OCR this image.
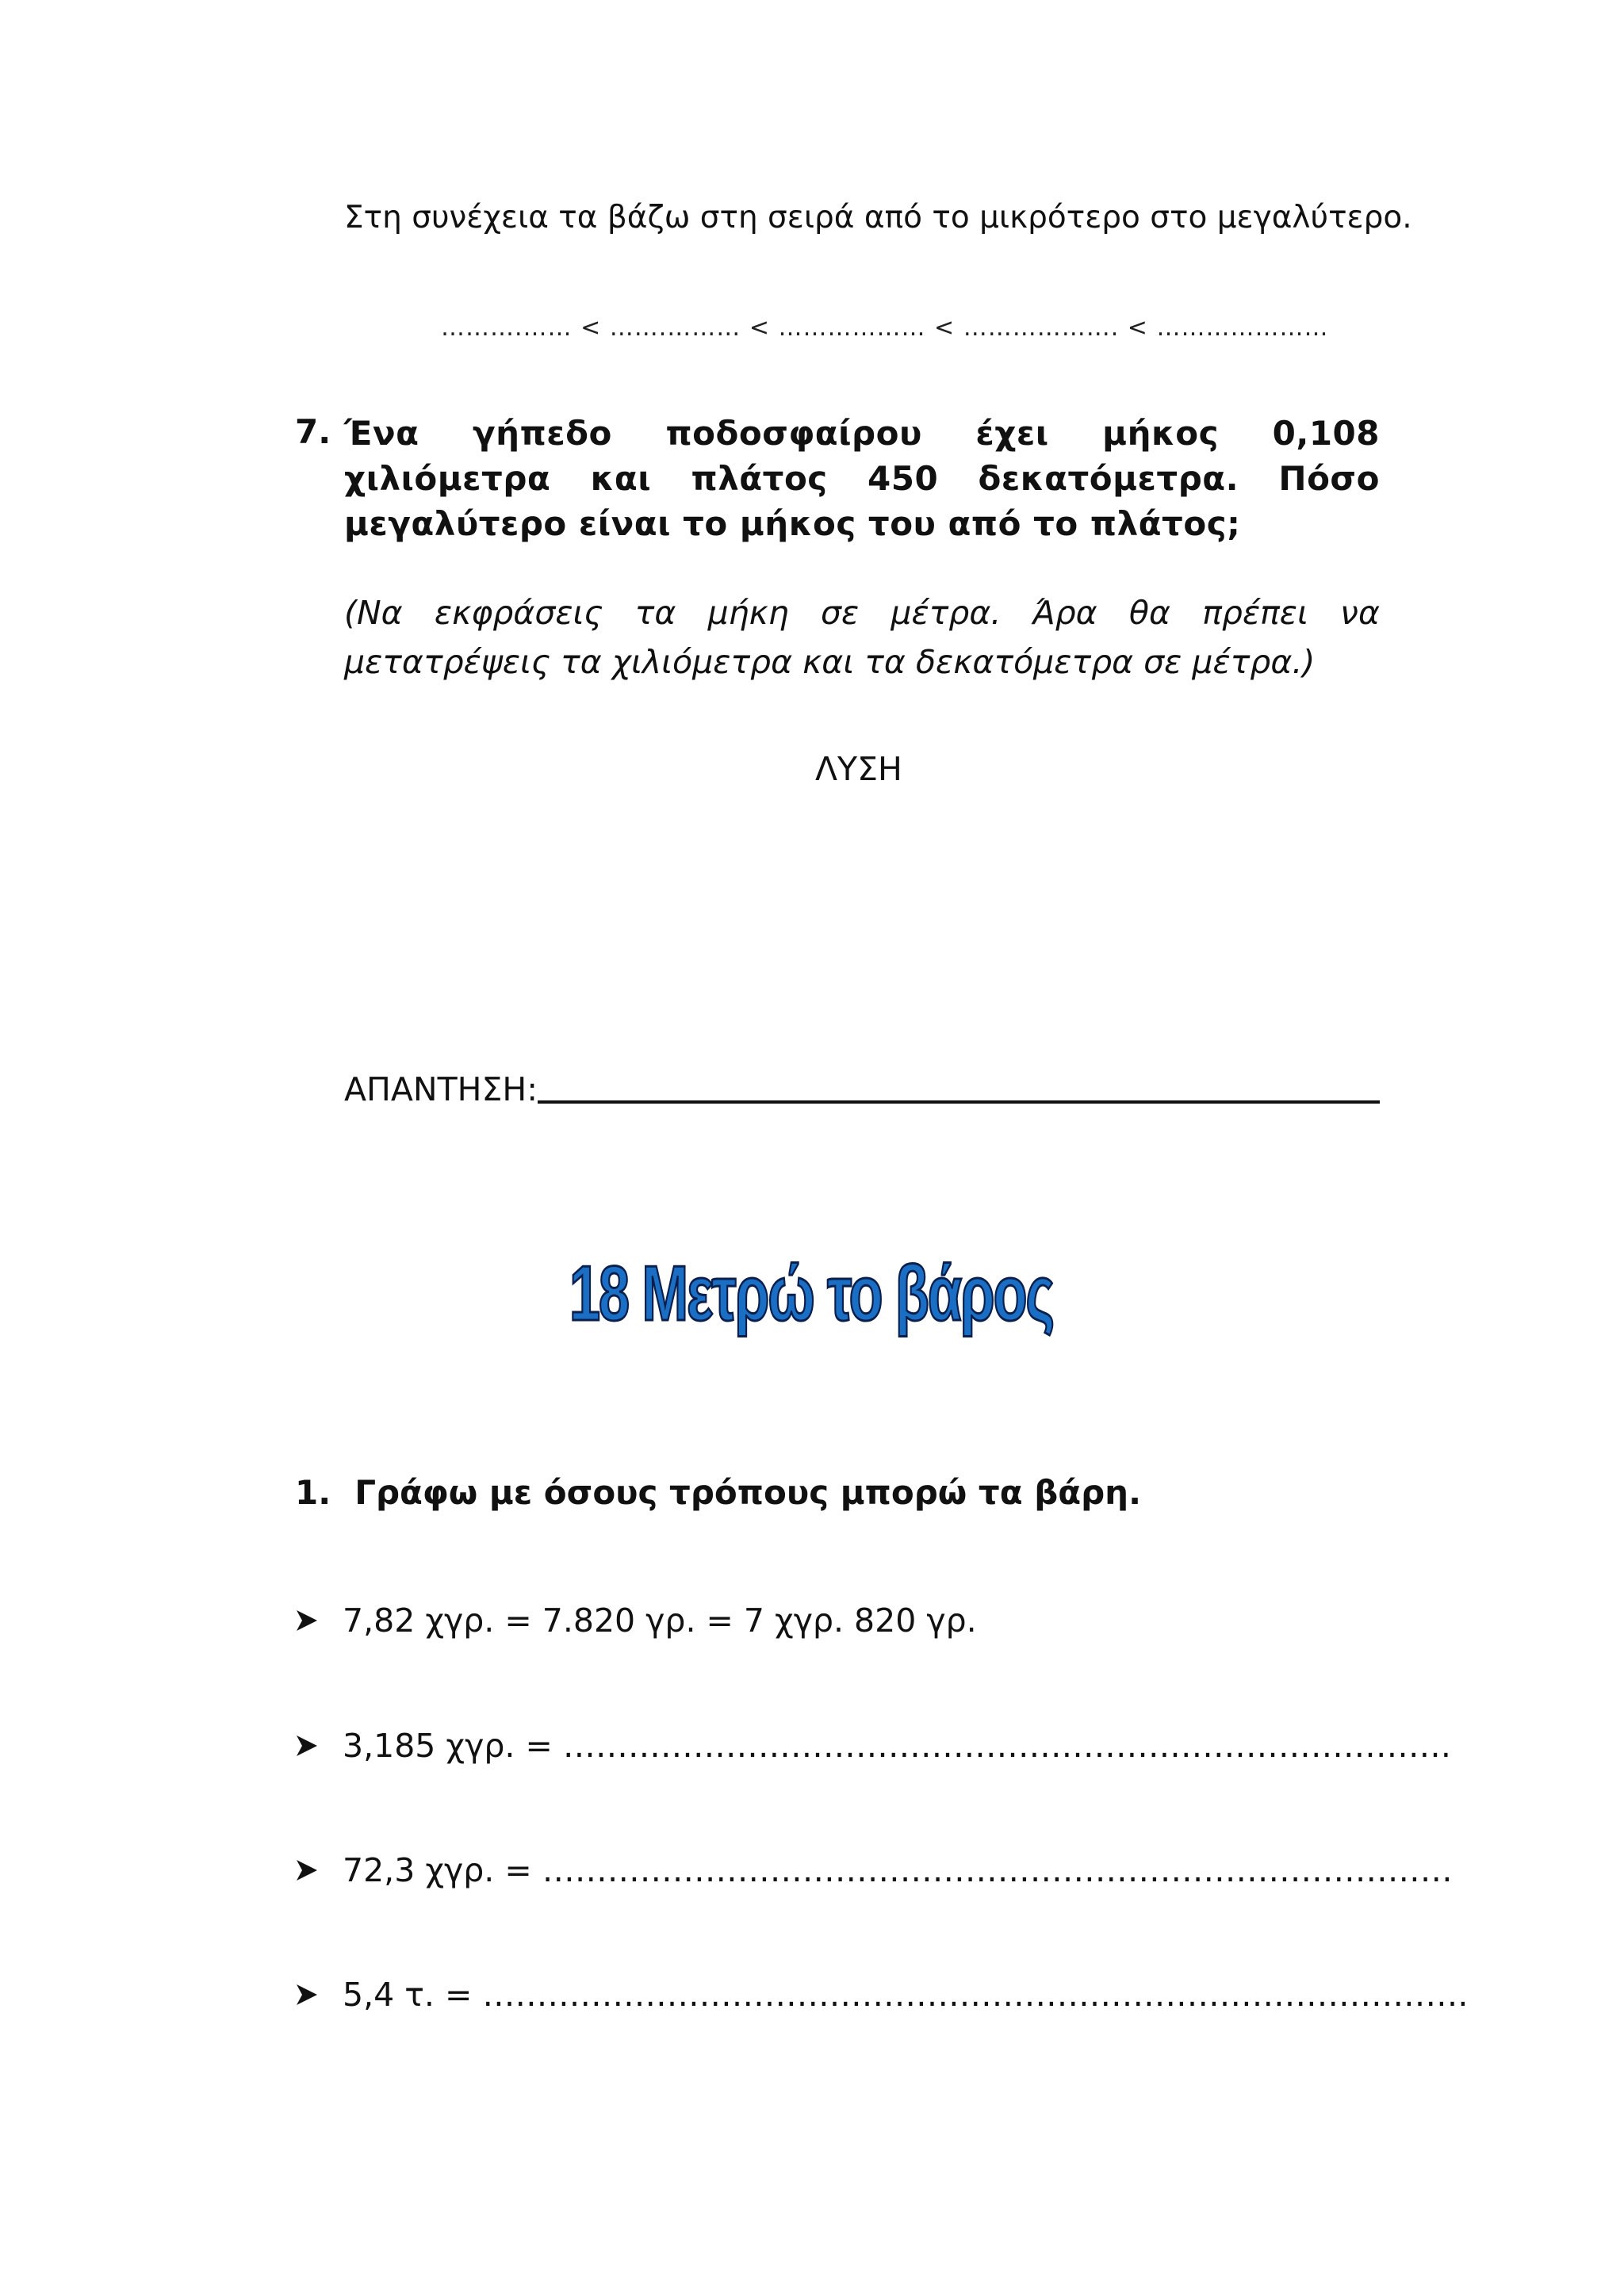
Στη συνέχεια τα βάζω στη σειρά από το μικρότερο στο μεγαλύτερο.
……….…… < …….……… < ……………… < ………………. < …………………
7. Ένα γήπεδο ποδοσφαίρου έχει μήκος 0,108 χιλιόμετρα και πλάτος 450 δεκατόμετρα. Πόσο μεγαλύτερο είναι το μήκος του από το πλάτος;
(Να εκφράσεις τα μήκη σε μέτρα. Άρα θα πρέπει να μετατρέψεις τα χιλιόμετρα και τα δεκατόμετρα σε μέτρα.)
ΛΥΣΗ
ΑΠΑΝΤΗΣΗ:
18 Μετρώ το βάρος
1. Γράφω με όσους τρόπους μπορώ τα βάρη.
7,82 χγρ. = 7.820 γρ. = 7 χγρ. 820 γρ.
3,185 χγρ. = ……………………………………………………………………….
72,3 χγρ. = …………………………………………………………………………
5,4 τ. = ……………………………………………………………………………….
